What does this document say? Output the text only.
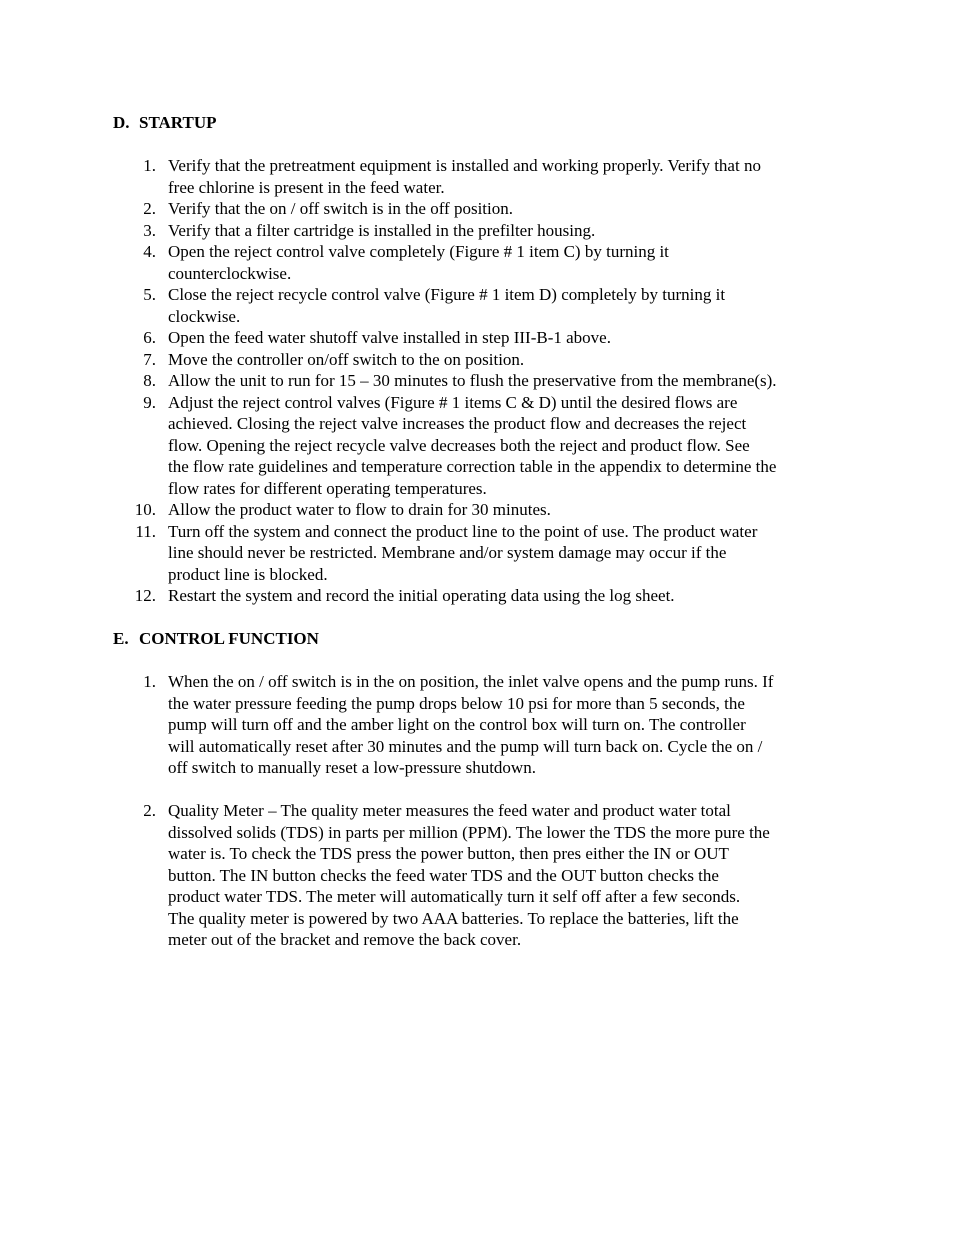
D. STARTUP
1. Verify that the pretreatment equipment is installed and working properly. Verify that no
free chlorine is present in the feed water.
2. Verify that the on / off switch is in the off position.
3. Verify that a filter cartridge is installed in the prefilter housing.
4. Open the reject control valve completely (Figure # 1 item C) by turning it
counterclockwise.
5. Close the reject recycle control valve (Figure # 1 item D) completely by turning it
clockwise.
6. Open the feed water shutoff valve installed in step III-B-1 above.
7. Move the controller on/off switch to the on position.
8. Allow the unit to run for 15 – 30 minutes to flush the preservative from the membrane(s).
9. Adjust the reject control valves (Figure # 1 items C & D) until the desired flows are
achieved. Closing the reject valve increases the product flow and decreases the reject
flow. Opening the reject recycle valve decreases both the reject and product flow. See
the flow rate guidelines and temperature correction table in the appendix to determine the
flow rates for different operating temperatures.
10. Allow the product water to flow to drain for 30 minutes.
11. Turn off the system and connect the product line to the point of use. The product water
line should never be restricted. Membrane and/or system damage may occur if the
product line is blocked.
12. Restart the system and record the initial operating data using the log sheet.
E. CONTROL FUNCTION
1. When the on / off switch is in the on position, the inlet valve opens and the pump runs. If
the water pressure feeding the pump drops below 10 psi for more than 5 seconds, the
pump will turn off and the amber light on the control box will turn on. The controller
will automatically reset after 30 minutes and the pump will turn back on. Cycle the on /
off switch to manually reset a low-pressure shutdown.
2. Quality Meter – The quality meter measures the feed water and product water total
dissolved solids (TDS) in parts per million (PPM). The lower the TDS the more pure the
water is. To check the TDS press the power button, then pres either the IN or OUT
button. The IN button checks the feed water TDS and the OUT button checks the
product water TDS. The meter will automatically turn it self off after a few seconds.
The quality meter is powered by two AAA batteries. To replace the batteries, lift the
meter out of the bracket and remove the back cover.
